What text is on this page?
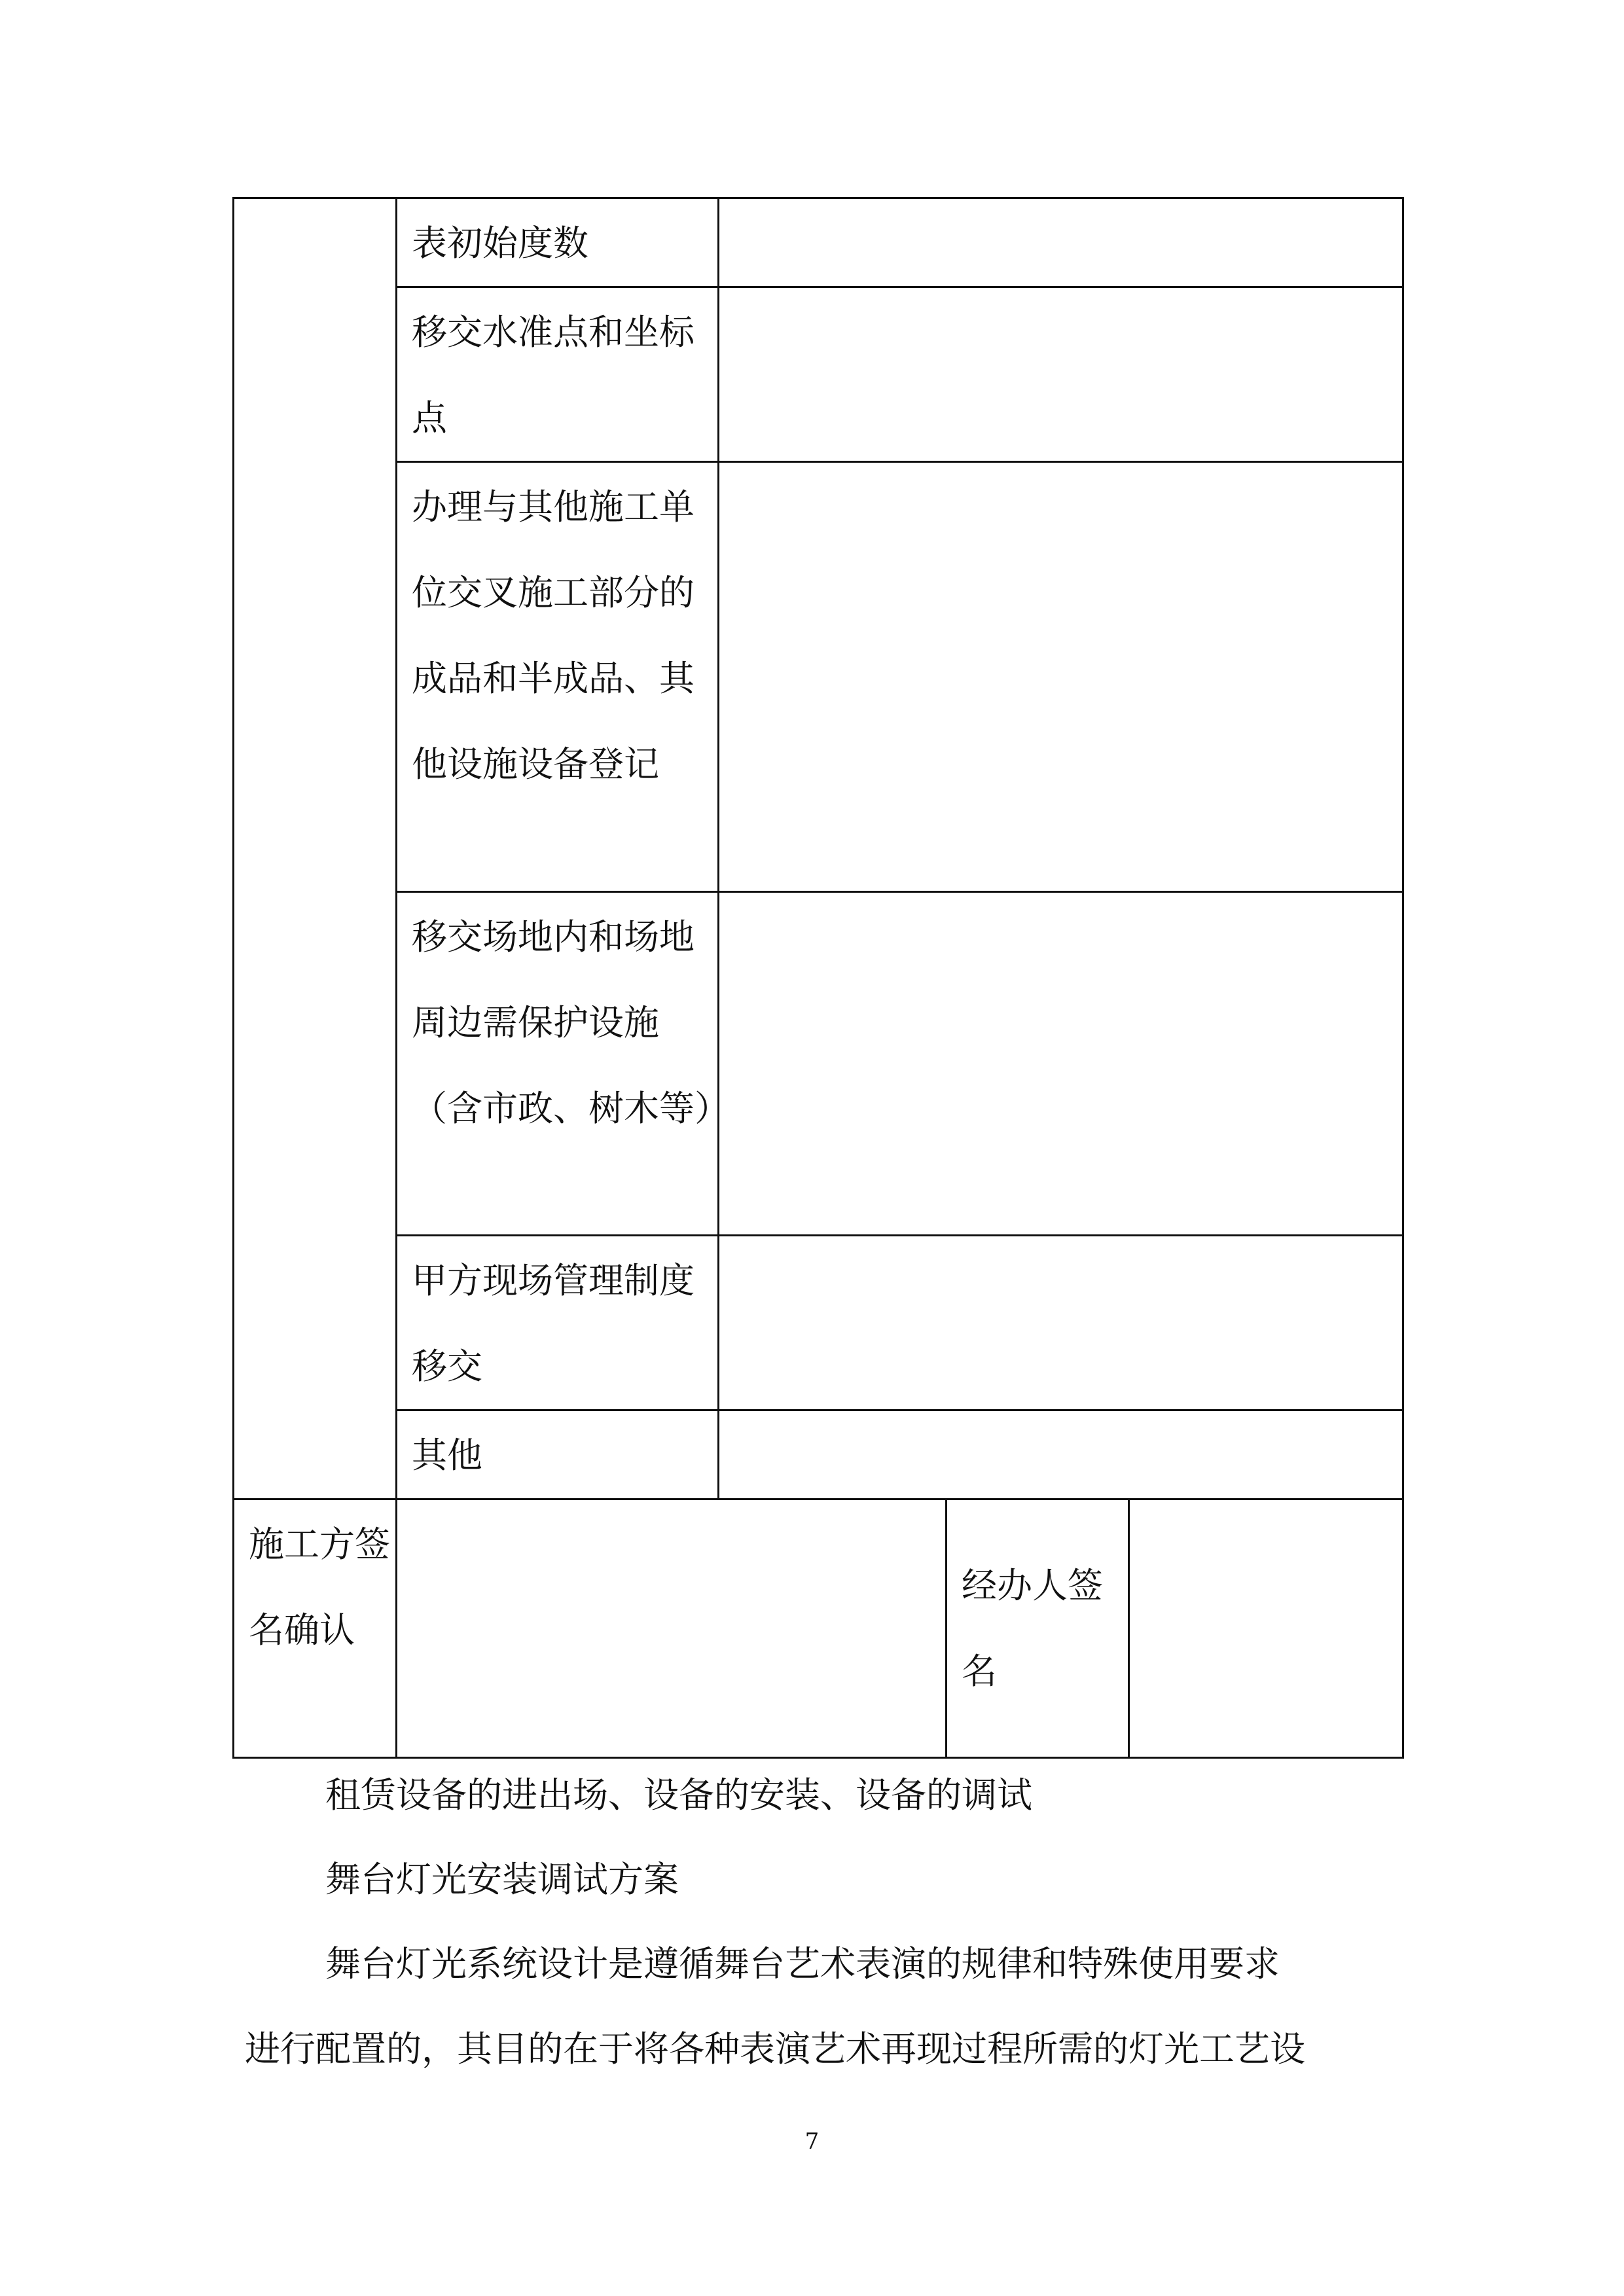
	表初始度数			
	移交水准点和坐标点			
	办理与其他施工单位交叉施工部分的成品和半成品、其他设施设备登记			
	移交场地内和场地周边需保护设施（含市政、树木等）			
	甲方现场管理制度移交			
	其他			
施工方签名确认			经办人签名	

租赁设备的进出场、设备的安装、设备的调试

舞台灯光安装调试方案

舞台灯光系统设计是遵循舞台艺术表演的规律和特殊使用要求

进行配置的，其目的在于将各种表演艺术再现过程所需的灯光工艺设

7
